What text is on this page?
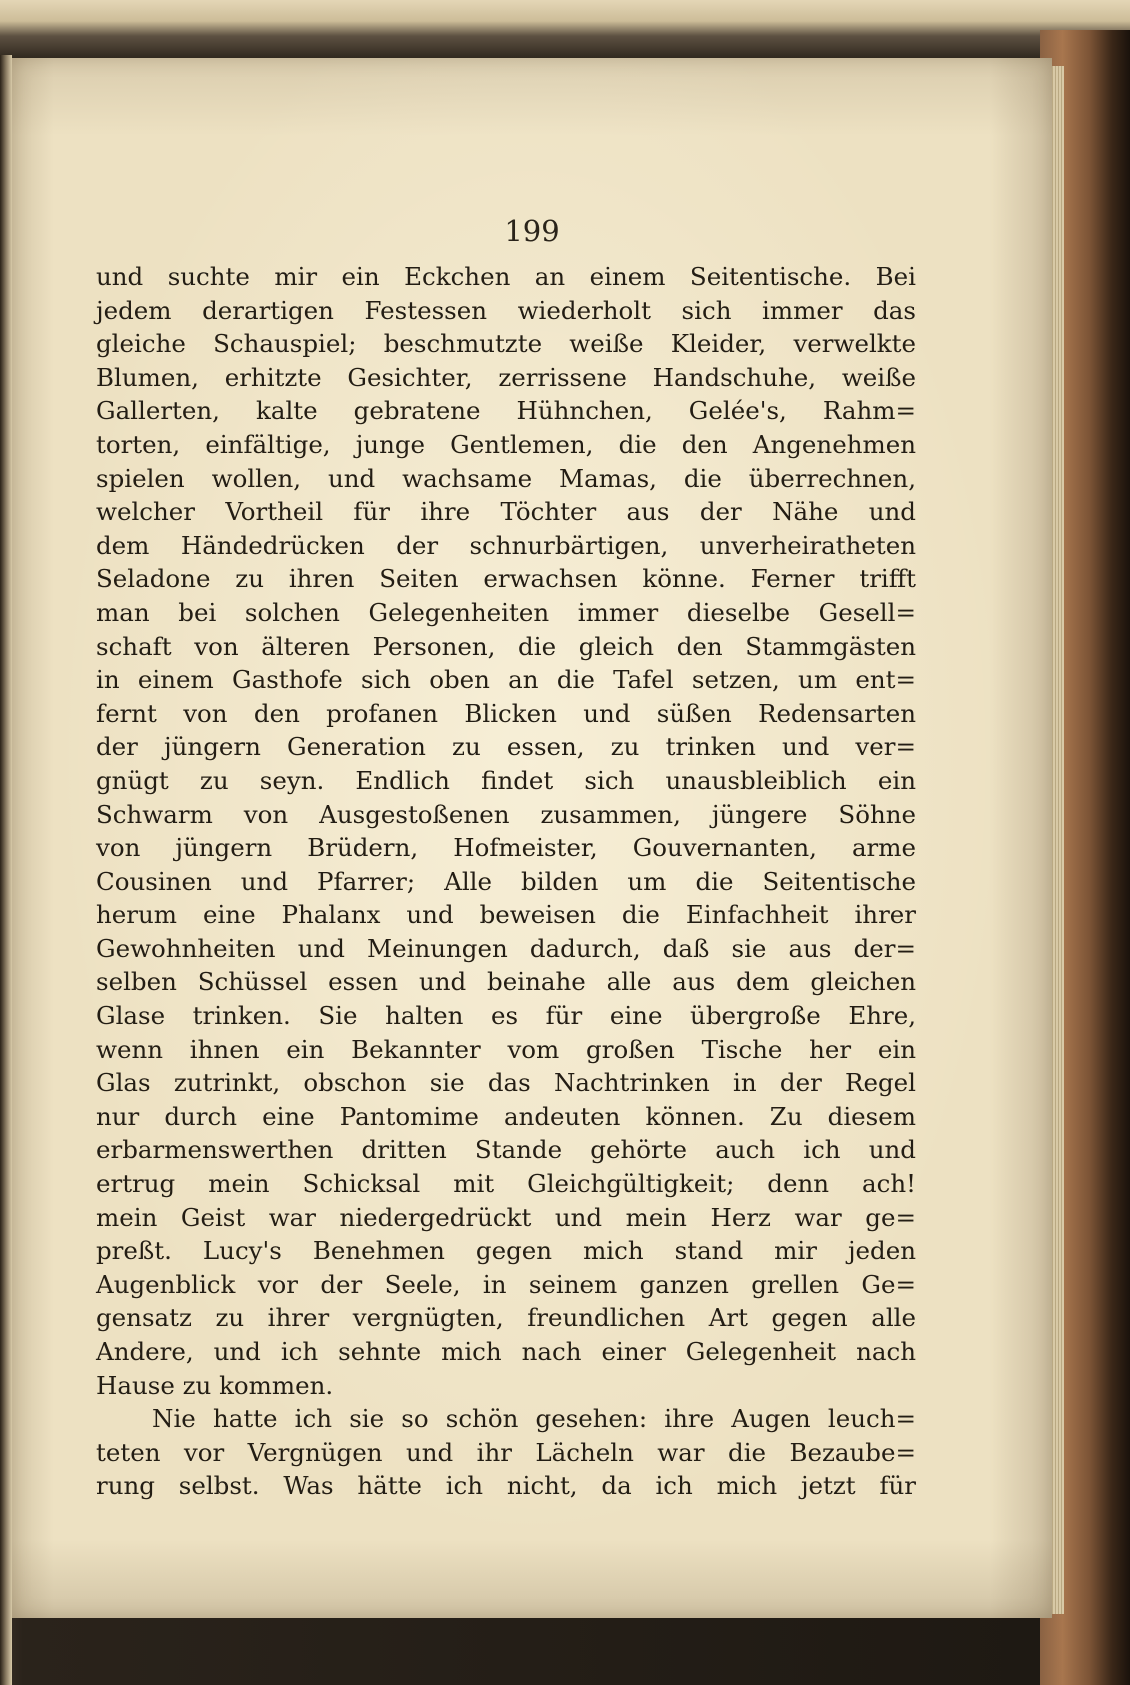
199
und suchte mir ein Eckchen an einem Seitentische. Bei
jedem derartigen Festessen wiederholt sich immer das
gleiche Schauspiel; beschmutzte weiße Kleider, verwelkte
Blumen, erhitzte Gesichter, zerrissene Handschuhe, weiße
Gallerten, kalte gebratene Hühnchen, Gelée's, Rahm=
torten, einfältige, junge Gentlemen, die den Angenehmen
spielen wollen, und wachsame Mamas, die überrechnen,
welcher Vortheil für ihre Töchter aus der Nähe und
dem Händedrücken der schnurbärtigen, unverheiratheten
Seladone zu ihren Seiten erwachsen könne. Ferner trifft
man bei solchen Gelegenheiten immer dieselbe Gesell=
schaft von älteren Personen, die gleich den Stammgästen
in einem Gasthofe sich oben an die Tafel setzen, um ent=
fernt von den profanen Blicken und süßen Redensarten
der jüngern Generation zu essen, zu trinken und ver=
gnügt zu seyn. Endlich findet sich unausbleiblich ein
Schwarm von Ausgestoßenen zusammen, jüngere Söhne
von jüngern Brüdern, Hofmeister, Gouvernanten, arme
Cousinen und Pfarrer; Alle bilden um die Seitentische
herum eine Phalanx und beweisen die Einfachheit ihrer
Gewohnheiten und Meinungen dadurch, daß sie aus der=
selben Schüssel essen und beinahe alle aus dem gleichen
Glase trinken. Sie halten es für eine übergroße Ehre,
wenn ihnen ein Bekannter vom großen Tische her ein
Glas zutrinkt, obschon sie das Nachtrinken in der Regel
nur durch eine Pantomime andeuten können. Zu diesem
erbarmenswerthen dritten Stande gehörte auch ich und
ertrug mein Schicksal mit Gleichgültigkeit; denn ach!
mein Geist war niedergedrückt und mein Herz war ge=
preßt. Lucy's Benehmen gegen mich stand mir jeden
Augenblick vor der Seele, in seinem ganzen grellen Ge=
gensatz zu ihrer vergnügten, freundlichen Art gegen alle
Andere, und ich sehnte mich nach einer Gelegenheit nach
Hause zu kommen.
Nie hatte ich sie so schön gesehen: ihre Augen leuch=
teten vor Vergnügen und ihr Lächeln war die Bezaube=
rung selbst. Was hätte ich nicht, da ich mich jetzt für
